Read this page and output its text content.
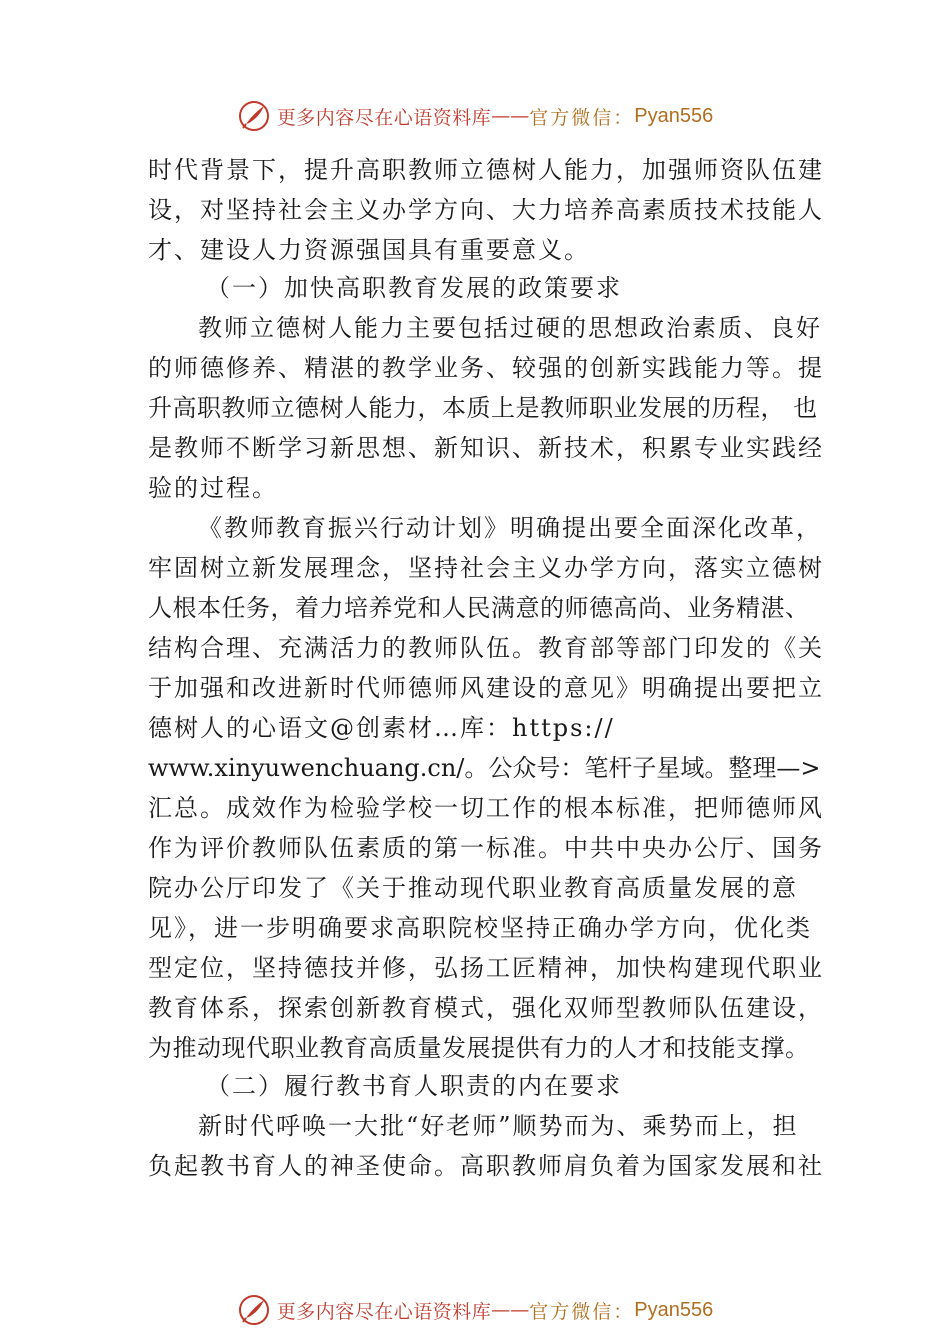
更多内容尽在心语资料库 —— 官方微信： Pyan556
时代背景下，提升高职教师立德树人能力，加强师资队伍建
设，对坚持社会主义办学方向、大力培养高素质技术技能人
才、建设人力资源强国具有重要意义。
（一）加快高职教育发展的政策要求
教师立德树人能力主要包括过硬的思想政治素质、良好
的师德修养、精湛的教学业务、较强的创新实践能力等。提
升高职教师立德树人能力，本质上是教师职业发展的历程， 也
是教师不断学习新思想、新知识、新技术，积累专业实践经
验的过程。
《教师教育振兴行动计划》明确提出要全面深化改革，
牢固树立新发展理念，坚持社会主义办学方向，落实立德树
人根本任务，着力培养党和人民满意的师德高尚、业务精湛、
结构合理、充满活力的教师队伍。教育部等部门印发的《关
于加强和改进新时代师德师风建设的意见》明确提出要把立
德树人的心语文@创素材…库：https://
www.xinyuwenchuang.cn/。公众号：笔杆子星域。整理—>
汇总。成效作为检验学校一切工作的根本标准，把师德师风
作为评价教师队伍素质的第一标准。中共中央办公厅、国务
院办公厅印发了《关于推动现代职业教育高质量发展的意
见》，进一步明确要求高职院校坚持正确办学方向，优化类
型定位，坚持德技并修，弘扬工匠精神，加快构建现代职业
教育体系，探索创新教育模式，强化双师型教师队伍建设，
为推动现代职业教育高质量发展提供有力的人才和技能支撑。
（二）履行教书育人职责的内在要求
新时代呼唤一大批“好老师”顺势而为、乘势而上，担
负起教书育人的神圣使命。高职教师肩负着为国家发展和社
更多内容尽在心语资料库 —— 官方微信： Pyan556
